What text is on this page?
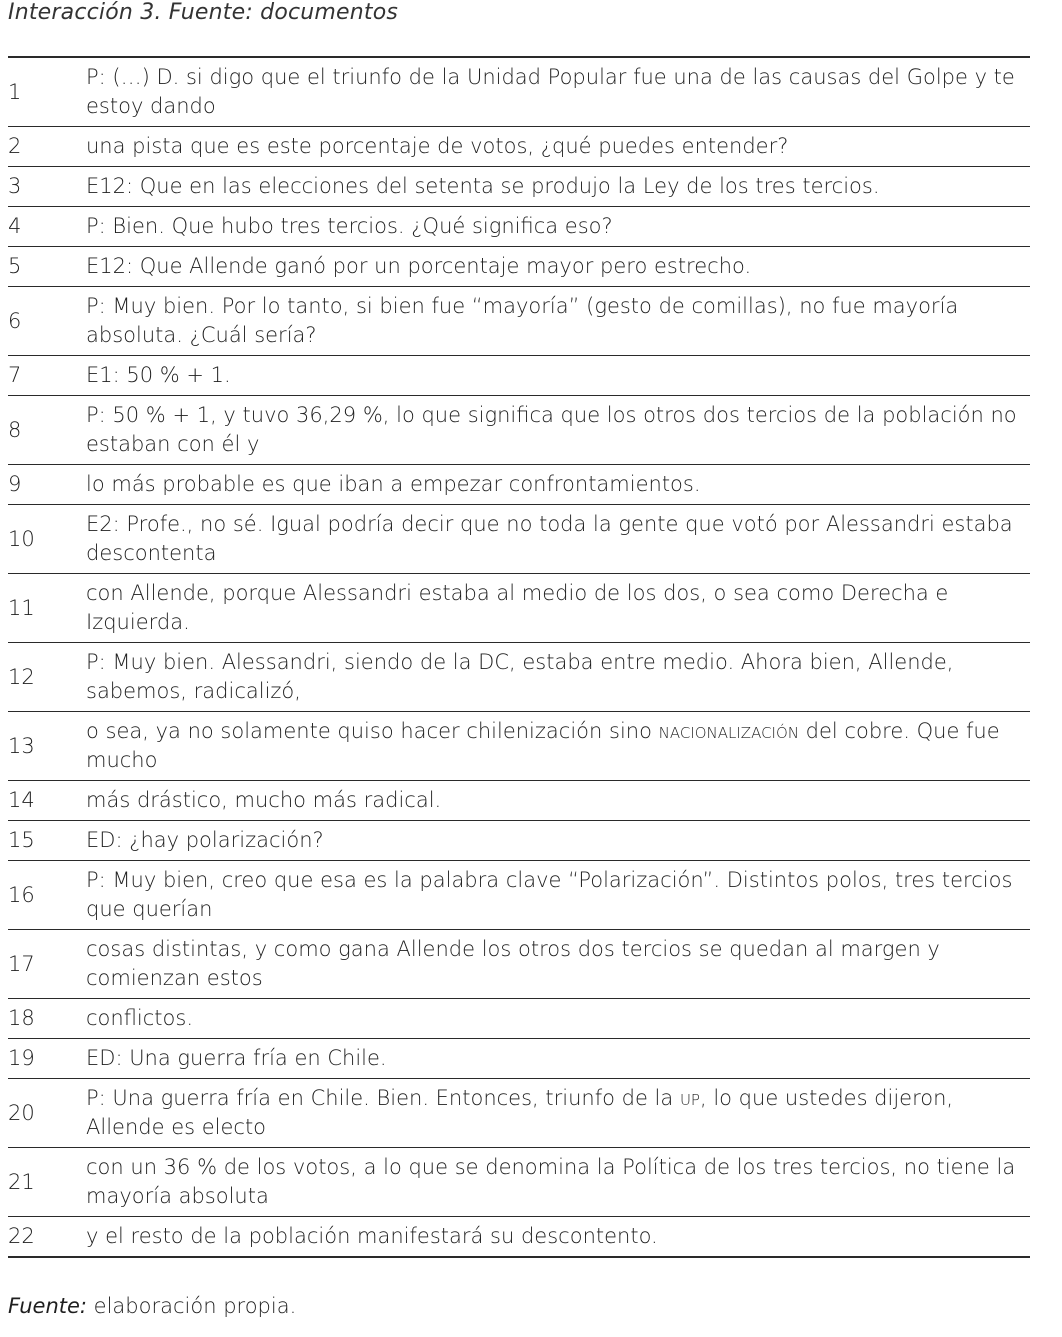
Interacción 3. Fuente: documentos
1	P: (…) D. si digo que el triunfo de la Unidad Popular fue una de las causas del Golpe y te estoy dando
2	una pista que es este porcentaje de votos, ¿qué puedes entender?
3	E12: Que en las elecciones del setenta se produjo la Ley de los tres tercios.
4	P: Bien. Que hubo tres tercios. ¿Qué significa eso?
5	E12: Que Allende ganó por un porcentaje mayor pero estrecho.
6	P: Muy bien. Por lo tanto, si bien fue “mayoría” (gesto de comillas), no fue mayoría absoluta. ¿Cuál sería?
7	E1: 50 % + 1.
8	P: 50 % + 1, y tuvo 36,29 %, lo que significa que los otros dos tercios de la población no estaban con él y
9	lo más probable es que iban a empezar confrontamientos.
10	E2: Profe., no sé. Igual podría decir que no toda la gente que votó por Alessandri estaba descontenta
11	con Allende, porque Alessandri estaba al medio de los dos, o sea como Derecha e Izquierda.
12	P: Muy bien. Alessandri, siendo de la DC, estaba entre medio. Ahora bien, Allende, sabemos, radicalizó,
13	o sea, ya no solamente quiso hacer chilenización sino nacionalización del cobre. Que fue mucho
14	más drástico, mucho más radical.
15	ED: ¿hay polarización?
16	P: Muy bien, creo que esa es la palabra clave “Polarización”. Distintos polos, tres tercios que querían
17	cosas distintas, y como gana Allende los otros dos tercios se quedan al margen y comienzan estos
18	conflictos.
19	ED: Una guerra fría en Chile.
20	P: Una guerra fría en Chile. Bien. Entonces, triunfo de la up, lo que ustedes dijeron, Allende es electo
21	con un 36 % de los votos, a lo que se denomina la Política de los tres tercios, no tiene la mayoría absoluta
22	y el resto de la población manifestará su descontento.
Fuente: elaboración propia.
